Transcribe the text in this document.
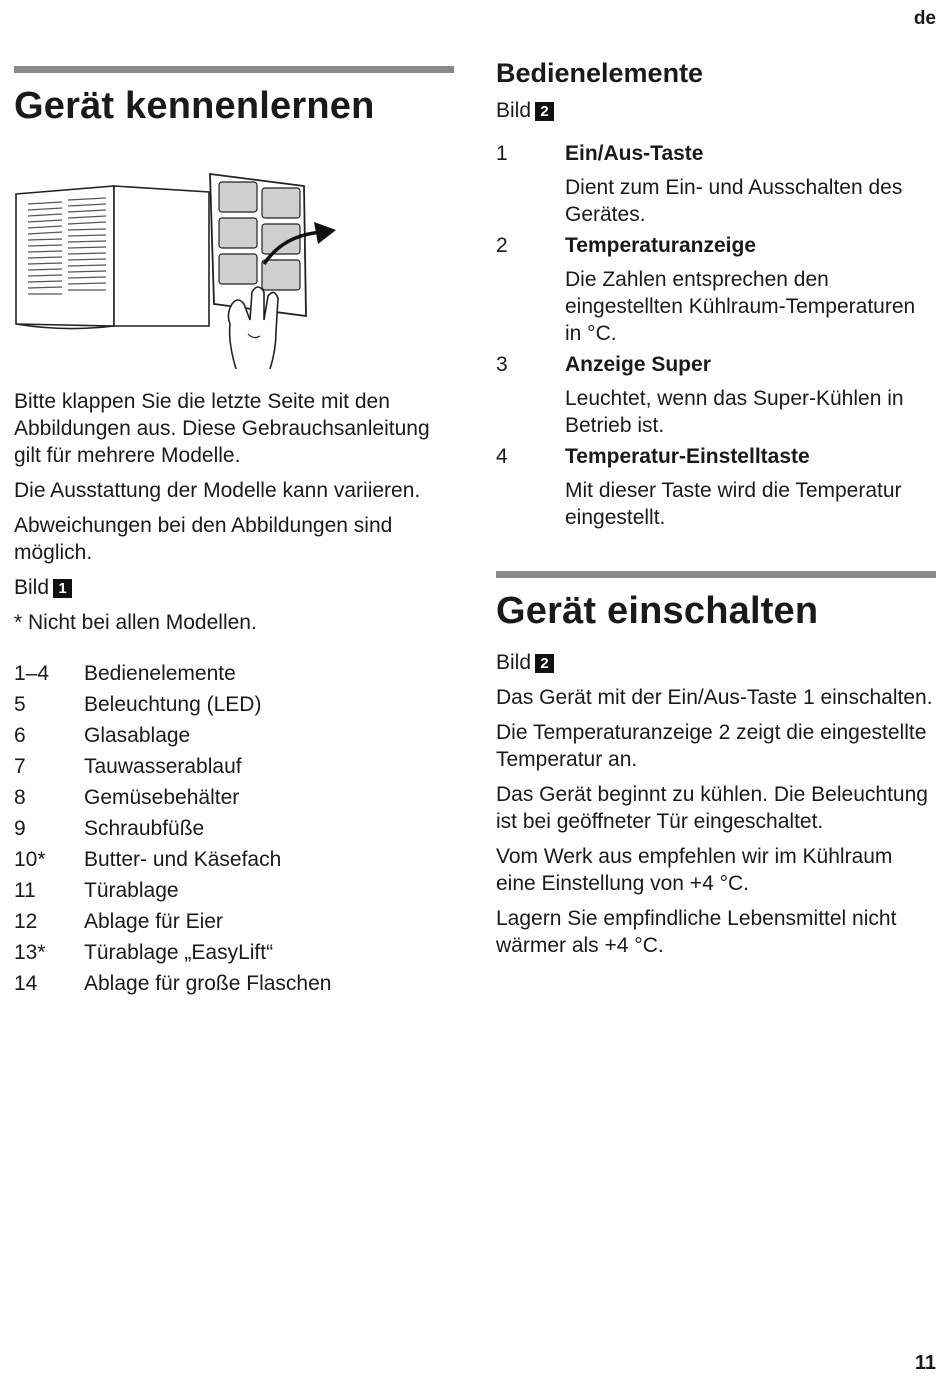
de
Gerät kennenlernen

Bitte klappen Sie die letzte Seite mit den Abbildungen aus. Diese Gebrauchsanleitung gilt für mehrere Modelle.

Die Ausstattung der Modelle kann variieren.

Abweichungen bei den Abbildungen sind möglich.

Bild 1

* Nicht bei allen Modellen.

1–4	Bedienelemente
5	Beleuchtung (LED)
6	Glasablage
7	Tauwasserablauf
8	Gemüsebehälter
9	Schraubfüße
10*	Butter- und Käsefach
11	Türablage
12	Ablage für Eier
13*	Türablage „EasyLift“
14	Ablage für große Flaschen
Bedienelemente
Bild 2
1	Ein/Aus-Taste
Dient zum Ein- und Ausschalten des Gerätes.
2	Temperaturanzeige
Die Zahlen entsprechen den eingestellten Kühlraum-Temperaturen in °C.
3	Anzeige Super
Leuchtet, wenn das Super-Kühlen in Betrieb ist.
4	Temperatur-Einstelltaste
Mit dieser Taste wird die Temperatur eingestellt.
Gerät einschalten
Bild 2

Das Gerät mit der Ein/Aus-Taste 1 einschalten.

Die Temperaturanzeige 2 zeigt die eingestellte Temperatur an.

Das Gerät beginnt zu kühlen. Die Beleuchtung ist bei geöffneter Tür eingeschaltet.

Vom Werk aus empfehlen wir im Kühlraum eine Einstellung von +4 °C.

Lagern Sie empfindliche Lebensmittel nicht wärmer als +4 °C.

11
